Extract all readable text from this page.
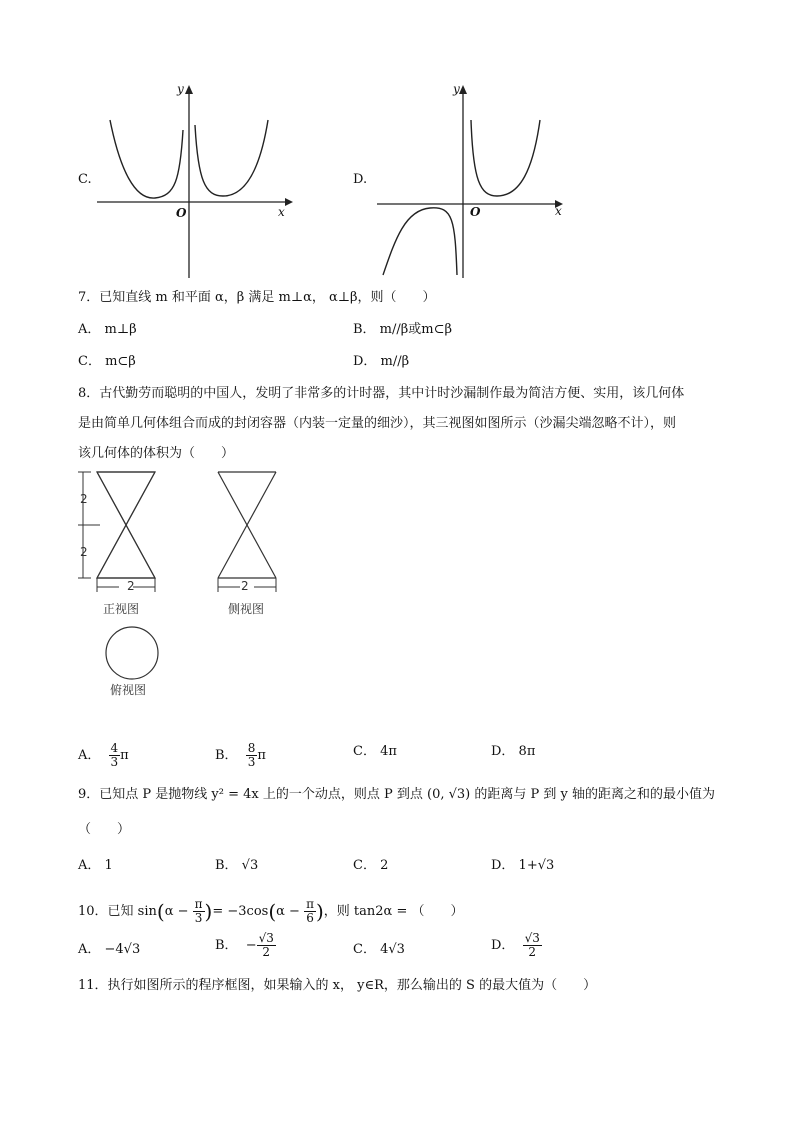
C.
y
x
O
D.
y
x
O
7．已知直线 m 和平面 α，β 满足 m⊥α， α⊥β，则（　　）
A． m⊥β	B． m//β或m⊂β
C． m⊂β	D． m//β
8．古代勤劳而聪明的中国人，发明了非常多的计时器，其中计时沙漏制作最为简洁方便、实用，该几何体
是由简单几何体组合而成的封闭容器（内装一定量的细沙），其三视图如图所示（沙漏尖端忽略不计），则
该几何体的体积为（　　）
2
2
2
正视图
2
侧视图
俯视图
A． $\frac{4}{3}$ π	B． $\frac{8}{3}$ π	C． 4π	D． 8π
9．已知点 P 是抛物线 y² = 4x 上的一个动点，则点 P 到点 (0, √3) 的距离与 P 到 y 轴的距离之和的最小值为
（　　）
A． 1	B． √3	C． 2	D． 1+√3
10．已知 $\sin(\alpha - \frac{\pi}{3}$ )= $-3\cos(\alpha - \frac{\pi}{6}$ )，则 tan2α = （　　）
A． −4√3	B． − $\frac{√3}{2}$	C． 4√3	D． $\frac{√3}{2}$
11．执行如图所示的程序框图，如果输入的 x， y∈R，那么输出的 S 的最大值为（　　）
